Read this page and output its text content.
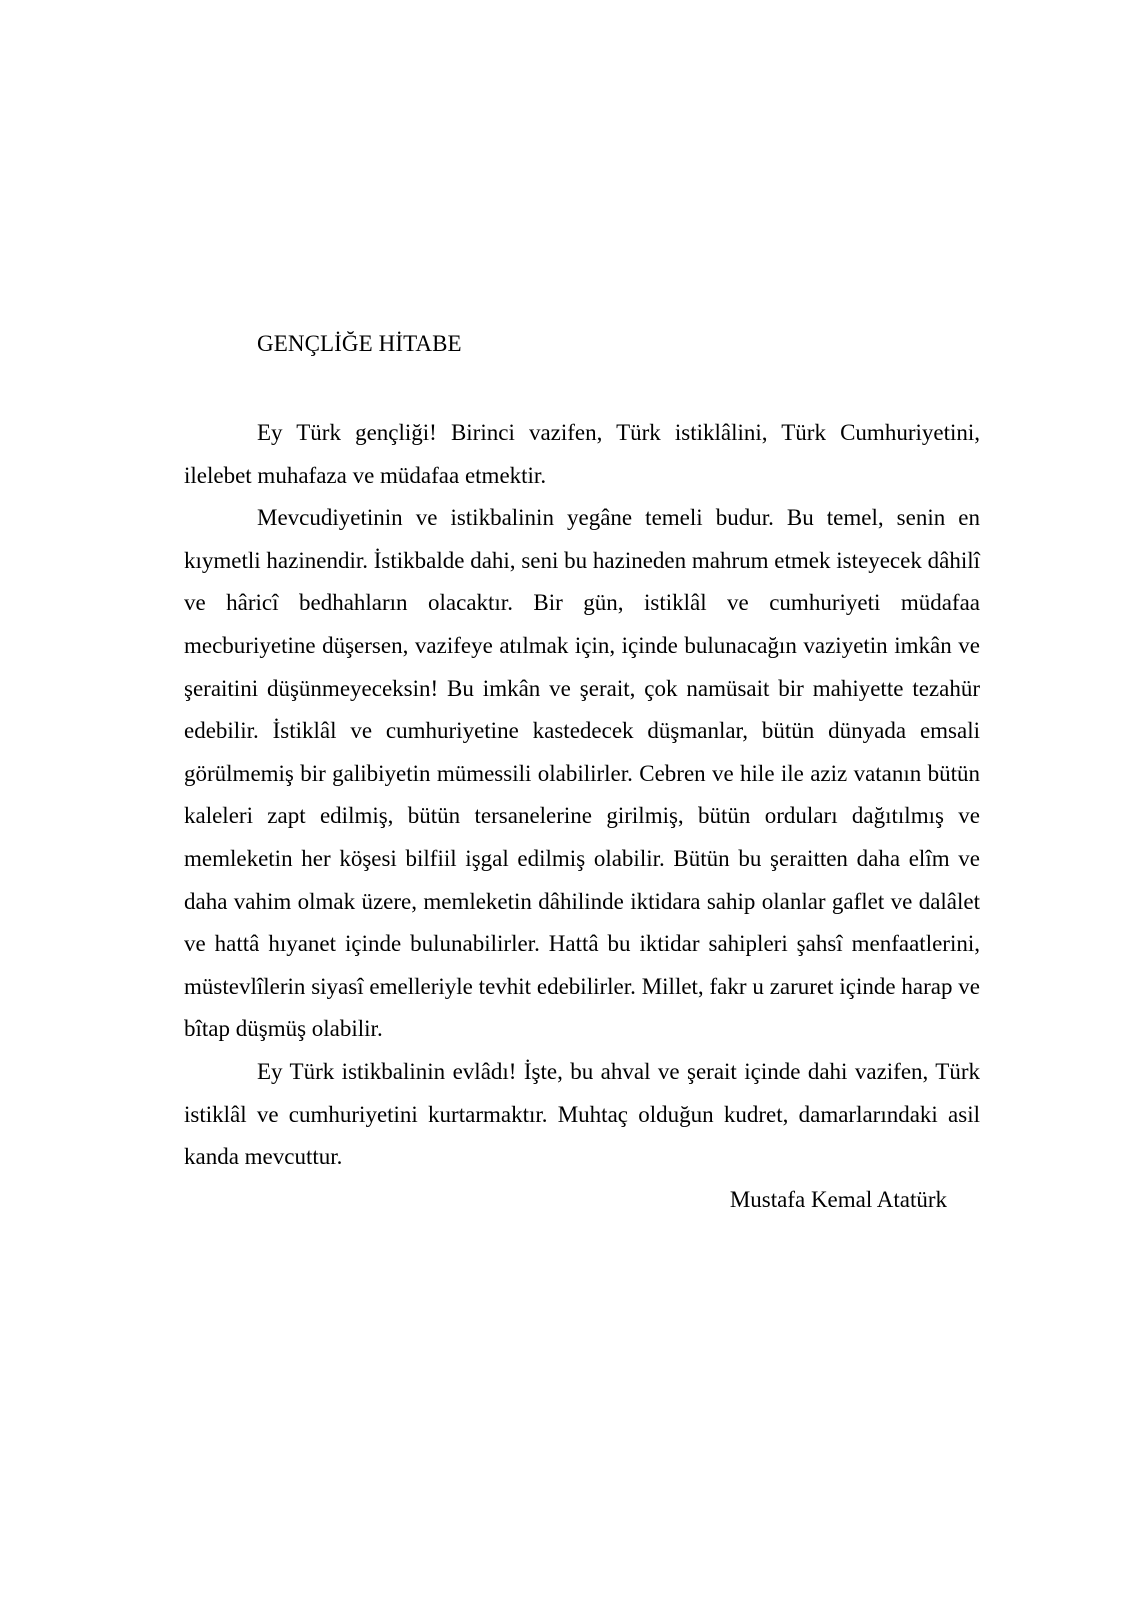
GENÇLİĞE HİTABE

Ey Türk gençliği! Birinci vazifen, Türk istiklâlini, Türk Cumhuriyetini, ilelebet muhafaza ve müdafaa etmektir.

Mevcudiyetinin ve istikbalinin yegâne temeli budur. Bu temel, senin en kıymetli hazinendir. İstikbalde dahi, seni bu hazineden mahrum etmek isteyecek dâhilî ve hâricî bedhahların olacaktır. Bir gün, istiklâl ve cumhuriyeti müdafaa mecburiyetine düşersen, vazifeye atılmak için, içinde bulunacağın vaziyetin imkân ve şeraitini düşünmeyeceksin! Bu imkân ve şerait, çok namüsait bir mahiyette tezahür edebilir. İstiklâl ve cumhuriyetine kastedecek düşmanlar, bütün dünyada emsali görülmemiş bir galibiyetin mümessili olabilirler. Cebren ve hile ile aziz vatanın bütün kaleleri zapt edilmiş, bütün tersanelerine girilmiş, bütün orduları dağıtılmış ve memleketin her köşesi bilfiil işgal edilmiş olabilir. Bütün bu şeraitten daha elîm ve daha vahim olmak üzere, memleketin dâhilinde iktidara sahip olanlar gaflet ve dalâlet ve hattâ hıyanet içinde bulunabilirler. Hattâ bu iktidar sahipleri şahsî menfaatlerini, müstevlîlerin siyasî emelleriyle tevhit edebilirler. Millet, fakr u zaruret içinde harap ve bîtap düşmüş olabilir.

Ey Türk istikbalinin evlâdı! İşte, bu ahval ve şerait içinde dahi vazifen, Türk istiklâl ve cumhuriyetini kurtarmaktır. Muhtaç olduğun kudret, damarlarındaki asil kanda mevcuttur.

Mustafa Kemal Atatürk
